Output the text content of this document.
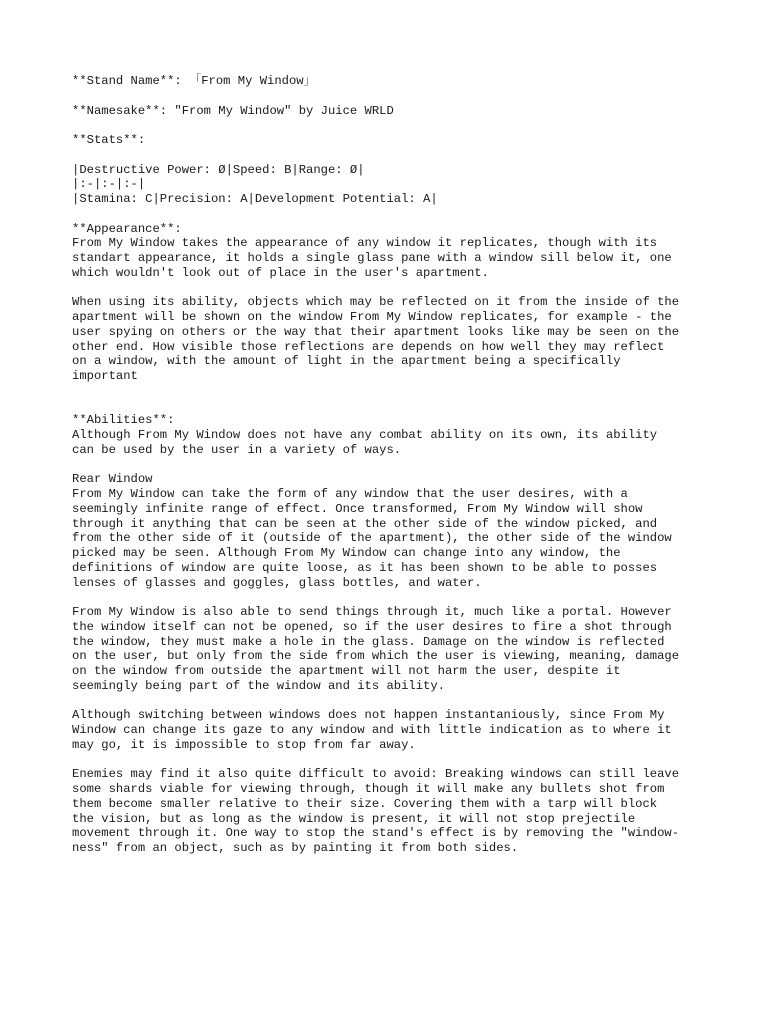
**Stand Name**: 「From My Window」
**Namesake**: "From My Window" by Juice WRLD
**Stats**:
|Destructive Power: Ø|Speed: B|Range: Ø|
|:-|:-|:-|
|Stamina: C|Precision: A|Development Potential: A|
**Appearance**:
From My Window takes the appearance of any window it replicates, though with its
standart appearance, it holds a single glass pane with a window sill below it, one
which wouldn't look out of place in the user's apartment.
When using its ability, objects which may be reflected on it from the inside of the
apartment will be shown on the window From My Window replicates, for example - the
user spying on others or the way that their apartment looks like may be seen on the
other end. How visible those reflections are depends on how well they may reflect
on a window, with the amount of light in the apartment being a specifically
important
**Abilities**:
Although From My Window does not have any combat ability on its own, its ability
can be used by the user in a variety of ways.
Rear Window
From My Window can take the form of any window that the user desires, with a
seemingly infinite range of effect. Once transformed, From My Window will show
through it anything that can be seen at the other side of the window picked, and
from the other side of it (outside of the apartment), the other side of the window
picked may be seen. Although From My Window can change into any window, the
definitions of window are quite loose, as it has been shown to be able to posses
lenses of glasses and goggles, glass bottles, and water.
From My Window is also able to send things through it, much like a portal. However
the window itself can not be opened, so if the user desires to fire a shot through
the window, they must make a hole in the glass. Damage on the window is reflected
on the user, but only from the side from which the user is viewing, meaning, damage
on the window from outside the apartment will not harm the user, despite it
seemingly being part of the window and its ability.
Although switching between windows does not happen instantaniously, since From My
Window can change its gaze to any window and with little indication as to where it
may go, it is impossible to stop from far away.
Enemies may find it also quite difficult to avoid: Breaking windows can still leave
some shards viable for viewing through, though it will make any bullets shot from
them become smaller relative to their size. Covering them with a tarp will block
the vision, but as long as the window is present, it will not stop prejectile
movement through it. One way to stop the stand's effect is by removing the "window-
ness" from an object, such as by painting it from both sides.
